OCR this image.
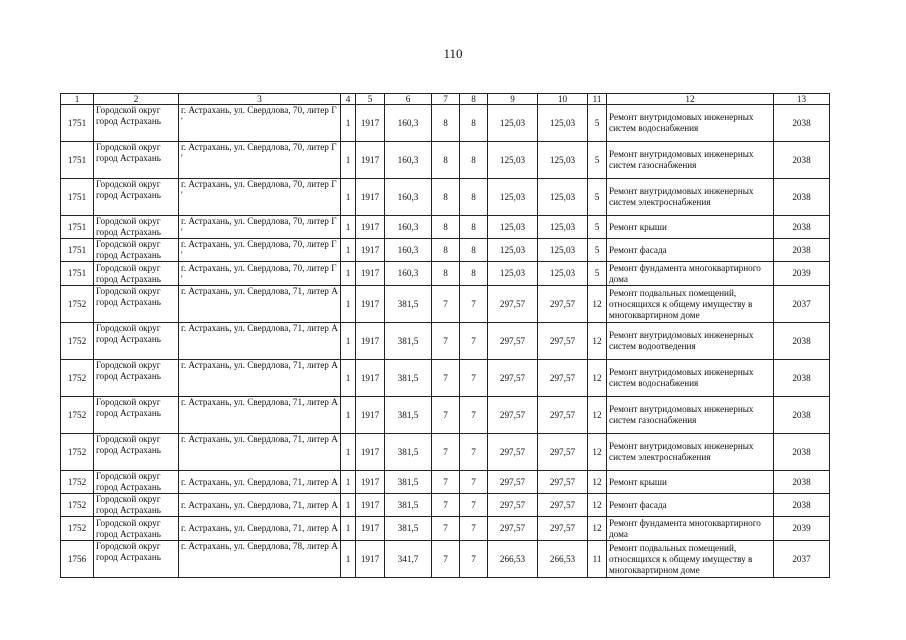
110
1	2	3	4	5	6	7	8	9	10	11	12	13
1751	Городской округ город Астрахань	г. Астрахань, ул. Свердлова, 70, литер Г '	1	1917	160,3	8	8	125,03	125,03	5	Ремонт внутридомовых инженерных систем водоснабжения	2038
1751	Городской округ город Астрахань	г. Астрахань, ул. Свердлова, 70, литер Г '	1	1917	160,3	8	8	125,03	125,03	5	Ремонт внутридомовых инженерных систем газоснабжения	2038
1751	Городской округ город Астрахань	г. Астрахань, ул. Свердлова, 70, литер Г '	1	1917	160,3	8	8	125,03	125,03	5	Ремонт внутридомовых инженерных систем электроснабжения	2038
1751	Городской округ город Астрахань	г. Астрахань, ул. Свердлова, 70, литер Г '	1	1917	160,3	8	8	125,03	125,03	5	Ремонт крыши	2038
1751	Городской округ город Астрахань	г. Астрахань, ул. Свердлова, 70, литер Г '	1	1917	160,3	8	8	125,03	125,03	5	Ремонт фасада	2038
1751	Городской округ город Астрахань	г. Астрахань, ул. Свердлова, 70, литер Г '	1	1917	160,3	8	8	125,03	125,03	5	Ремонт фундамента многоквартирного дома	2039
1752	Городской округ город Астрахань	г. Астрахань, ул. Свердлова, 71, литер А	1	1917	381,5	7	7	297,57	297,57	12	Ремонт подвальных помещений, относящихся к общему имуществу в многоквартирном доме	2037
1752	Городской округ город Астрахань	г. Астрахань, ул. Свердлова, 71, литер А	1	1917	381,5	7	7	297,57	297,57	12	Ремонт внутридомовых инженерных систем водоотведения	2038
1752	Городской округ город Астрахань	г. Астрахань, ул. Свердлова, 71, литер А	1	1917	381,5	7	7	297,57	297,57	12	Ремонт внутридомовых инженерных систем водоснабжения	2038
1752	Городской округ город Астрахань	г. Астрахань, ул. Свердлова, 71, литер А	1	1917	381,5	7	7	297,57	297,57	12	Ремонт внутридомовых инженерных систем газоснабжения	2038
1752	Городской округ город Астрахань	г. Астрахань, ул. Свердлова, 71, литер А	1	1917	381,5	7	7	297,57	297,57	12	Ремонт внутридомовых инженерных систем электроснабжения	2038
1752	Городской округ город Астрахань	г. Астрахань, ул. Свердлова, 71, литер А	1	1917	381,5	7	7	297,57	297,57	12	Ремонт крыши	2038
1752	Городской округ город Астрахань	г. Астрахань, ул. Свердлова, 71, литер А	1	1917	381,5	7	7	297,57	297,57	12	Ремонт фасада	2038
1752	Городской округ город Астрахань	г. Астрахань, ул. Свердлова, 71, литер А	1	1917	381,5	7	7	297,57	297,57	12	Ремонт фундамента многоквартирного дома	2039
1756	Городской округ город Астрахань	г. Астрахань, ул. Свердлова, 78, литер А	1	1917	341,7	7	7	266,53	266,53	11	Ремонт подвальных помещений, относящихся к общему имуществу в многоквартирном доме	2037
